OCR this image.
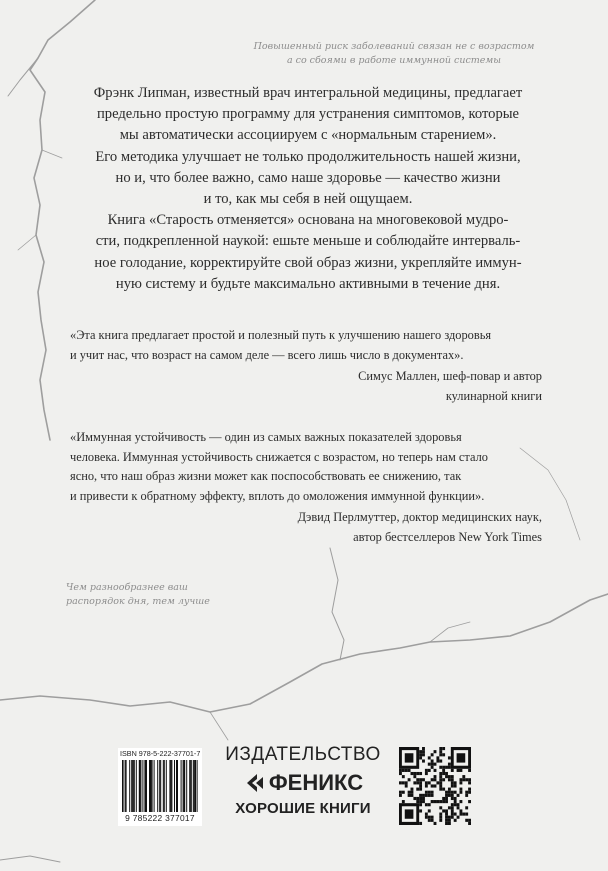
Повышенный риск заболеваний связан не с возрастом
а со сбоями в работе иммунной системы

Фрэнк Липман, известный врач интегральной медицины, предлагает

предельно простую программу для устранения симптомов, которые

мы автоматически ассоциируем с «нормальным старением».

Его методика улучшает не только продолжительность нашей жизни,

но и, что более важно, само наше здоровье — качество жизни

и то, как мы себя в ней ощущаем.

Книга «Старость отменяется» основана на многовековой мудро-

сти, подкрепленной наукой: ешьте меньше и соблюдайте интерваль-

ное голодание, корректируйте свой образ жизни, укрепляйте иммун-

ную систему и будьте максимально активными в течение дня.

«Эта книга предлагает простой и полезный путь к улучшению нашего здоровья

и учит нас, что возраст на самом деле — всего лишь число в документах».

Симус Маллен, шеф-повар и автор
кулинарной книги

«Иммунная устойчивость — один из самых важных показателей здоровья

человека. Иммунная устойчивость снижается с возрастом, но теперь нам стало

ясно, что наш образ жизни может как поспособствовать ее снижению, так

и привести к обратному эффекту, вплоть до омоложения иммунной функции».

Дэвид Перлмуттер, доктор медицинских наук,
автор бестселлеров New York Times
Чем разнообразнее ваш
распорядок дня, тем лучше
ISBN 978-5-222-37701-7
9 785222 377017
ИЗДАТЕЛЬСТВО
ФЕНИКС
ХОРОШИЕ КНИГИ
